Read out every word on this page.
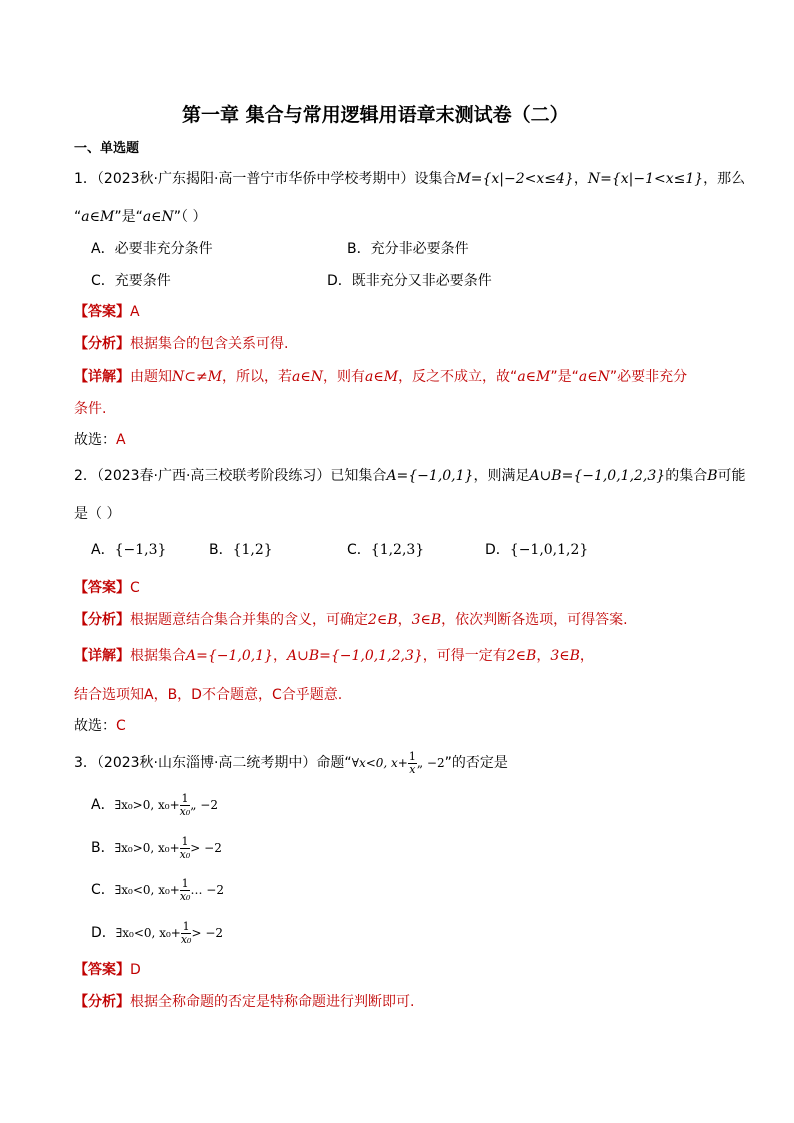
第一章 集合与常用逻辑用语章末测试卷（二）
一、单选题
1．（2023秋·广东揭阳·高一普宁市华侨中学校考期中）设集合M={x|−2<x≤4}，N={x|−1<x≤1}，那么
“a∈M”是“a∈N”（ ）
A．必要非充分条件	B．充分非必要条件
C．充要条件	D．既非充分又非必要条件
【答案】A
【分析】根据集合的包含关系可得.
【详解】由题知N⊂≠M，所以，若a∈N，则有a∈M，反之不成立，故“a∈M”是“a∈N”必要非充分
条件.
故选：A
2．（2023春·广西·高三校联考阶段练习）已知集合A={−1,0,1}，则满足A∪B={−1,0,1,2,3}的集合B可能
是（ ）
A．{−1,3}	B．{1,2}	C．{1,2,3}	D．{−1,0,1,2}
【答案】C
【分析】根据题意结合集合并集的含义，可确定2∈B，3∈B，依次判断各选项，可得答案.
【详解】根据集合A={−1,0,1}，A∪B={−1,0,1,2,3}，可得一定有2∈B，3∈B，
结合选项知A，B，D不合题意，C合乎题意.
故选：C
3．（2023秋·山东淄博·高二统考期中）命题“∀x<0, $x+ \frac{1}{x}$ „ −2”的否定是
A．∃x₀>0, $x_0+ \frac{1}{\text{x₀}}$ „ −2
B．∃x₀>0, $x_0+ \frac{1}{\text{x₀}} > -2$
C．∃x₀<0, $x_0+ \frac{1}{\text{x₀}}$ … −2
D．∃x₀<0, $x_0+ \frac{1}{\text{x₀}} > -2$
【答案】D
【分析】根据全称命题的否定是特称命题进行判断即可.
